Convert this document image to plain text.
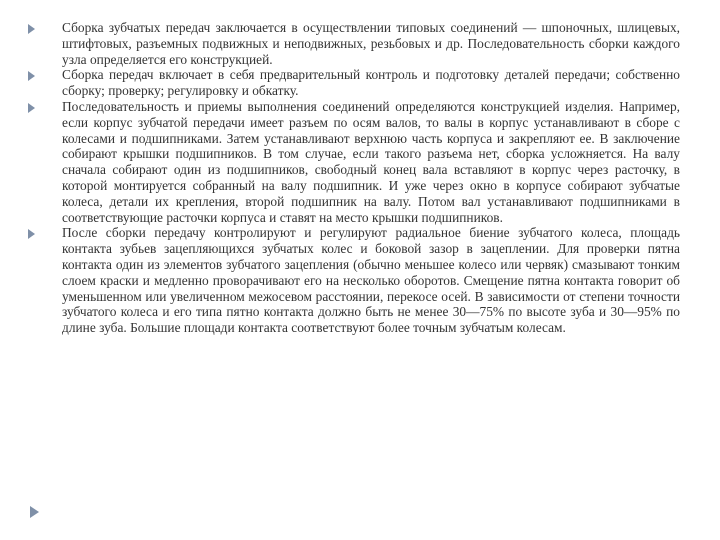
Сборка зубчатых передач заключается в осуществлении типовых соединений — шпоночных, шлицевых, штифтовых, разъемных подвижных и неподвижных, резьбовых и др. Последовательность сборки каждого узла определяется его конструкцией.

Сборка передач включает в себя предварительный контроль и подготовку деталей передачи; собственно сборку; проверку; регулировку и обкатку.

Последовательность и приемы выполнения соединений определяются конструкцией изделия. Например, если корпус зубчатой передачи имеет разъем по осям валов, то валы в корпус устанавливают в сборе с колесами и подшипниками. Затем устанавливают верхнюю часть корпуса и закрепляют ее. В заключение собирают крышки подшипников. В том случае, если такого разъема нет, сборка усложняется. На валу сначала собирают один из подшипников, свободный конец вала вставляют в корпус через расточку, в которой монтируется собранный на валу подшипник. И уже через окно в корпусе собирают зубчатые колеса, детали их крепления, второй подшипник на валу. Потом вал устанавливают подшипниками в соответствующие расточки корпуса и ставят на место крышки подшипников.

После сборки передачу контролируют и регулируют радиальное биение зубчатого колеса, площадь контакта зубьев зацепляющихся зубчатых колес и боковой зазор в зацеплении. Для проверки пятна контакта один из элементов зубчатого зацепления (обычно меньшее колесо или червяк) смазывают тонким слоем краски и медленно проворачивают его на несколько оборотов. Смещение пятна контакта говорит об уменьшенном или увеличенном межосевом расстоянии, перекосе осей. В зависимости от степени точности зубчатого колеса и его типа пятно контакта должно быть не менее 30—75% по высоте зуба и 30—95% по длине зуба. Большие площади контакта соответствуют более точным зубчатым колесам.
